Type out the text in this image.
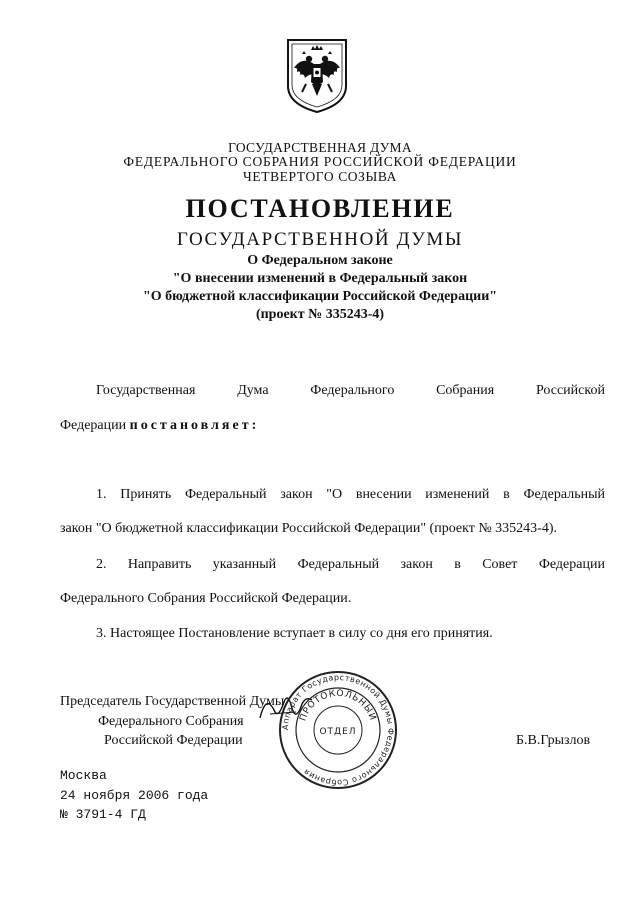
ГОСУДАРСТВЕННАЯ ДУМА
ФЕДЕРАЛЬНОГО СОБРАНИЯ РОССИЙСКОЙ ФЕДЕРАЦИИ
ЧЕТВЕРТОГО СОЗЫВА
ПОСТАНОВЛЕНИЕ
ГОСУДАРСТВЕННОЙ ДУМЫ
О Федеральном законе
"О внесении изменений в Федеральный закон
"О бюджетной классификации Российской Федерации"
(проект № 335243-4)
Государственная	Дума	Федерального	Собрания	Российской
Федерации постановляет:
1. Принять Федеральный закон "О внесении изменений в Федеральный
закон "О бюджетной классификации Российской Федерации" (проект № 335243-4).
2. Направить указанный Федеральный закон в Совет Федерации
Федерального Собрания Российской Федерации.
3. Настоящее Постановление вступает в силу со дня его принятия.
Председатель Государственной Думы
Федерального Собрания
Российской Федерации	Б.В.Грызлов
Аппарат Государственной Думы Федерального Собрания
ПРОТОКОЛЬНЫЙ
ОТДЕЛ
Москва
24 ноября 2006 года
№ 3791-4 ГД
